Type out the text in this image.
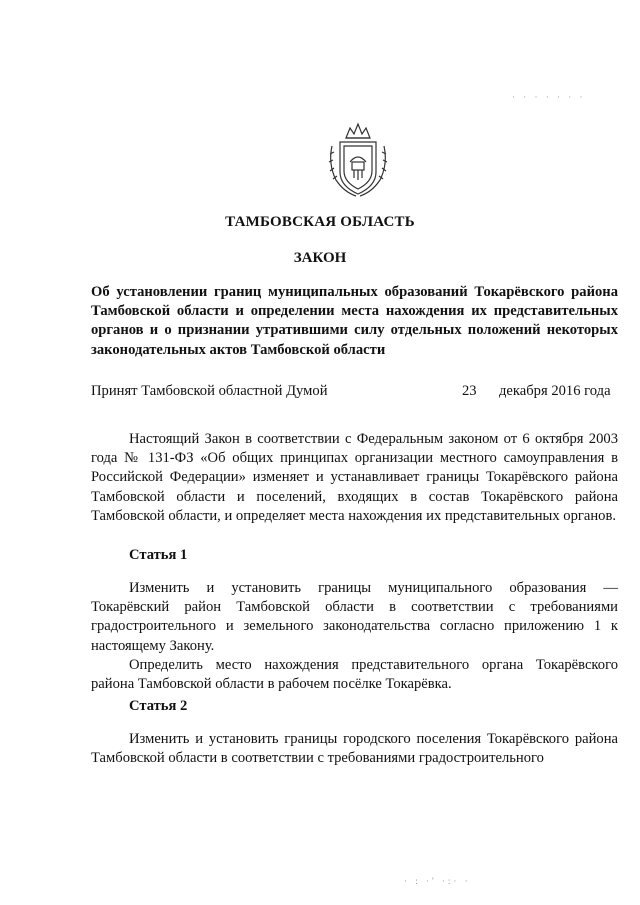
· · · · · · ·
ТАМБОВСКАЯ ОБЛАСТЬ
ЗАКОН
Об установлении границ муниципальных образований Токарёвского района Тамбовской области и определении места нахождения их представительных органов и о признании утратившими силу отдельных положений некоторых законодательных актов Тамбовской области
Принят Тамбовской областной Думой	23 декабря 2016 года
Настоящий Закон в соответствии с Федеральным законом от 6 октября 2003 года № 131-ФЗ «Об общих принципах организации местного самоуправления в Российской Федерации» изменяет и устанавливает границы Токарёвского района Тамбовской области и поселений, входящих в состав Токарёвского района Тамбовской области, и определяет места нахождения их представительных органов.
Статья 1
Изменить и установить границы муниципального образования — Токарёвский район Тамбовской области в соответствии с требованиями градостроительного и земельного законодательства согласно приложению 1 к настоящему Закону.
Определить место нахождения представительного органа Токарёвского района Тамбовской области в рабочем посёлке Токарёвка.
Статья 2
Изменить и установить границы городского поселения Токарёвского района Тамбовской области в соответствии с требованиями градостроительного
· : ·' ·:· ·
